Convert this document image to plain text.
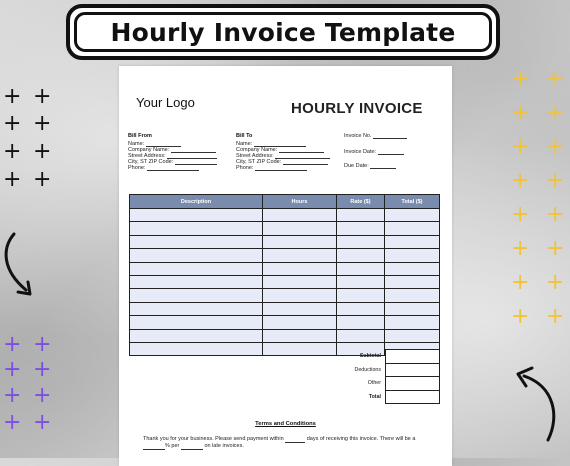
Hourly Invoice Template
+ +
+ +
+ +
+ +
+ +
+ +
+ +
+ +
+ +
+ +
+ +
+ +
+ +
+ +
+ +
+ +
Your Logo	HOURLY INVOICE
Bill From
Name:
Company Name:
Street Address:
City, ST ZIP Code:
Phone:
Bill To
Name:
Company Name:
Street Address:
City, ST ZIP Code:
Phone:
Invoice No.
Invoice Date:
Due Date:
Description	Hours	Rate ($)	Total ($)

Subtotal	
Deductions	
Other	
Total	
Terms and Conditions
Thank you for your business. Please send payment within	days of receiving this invoice. There will be a % per	on late invoices.
